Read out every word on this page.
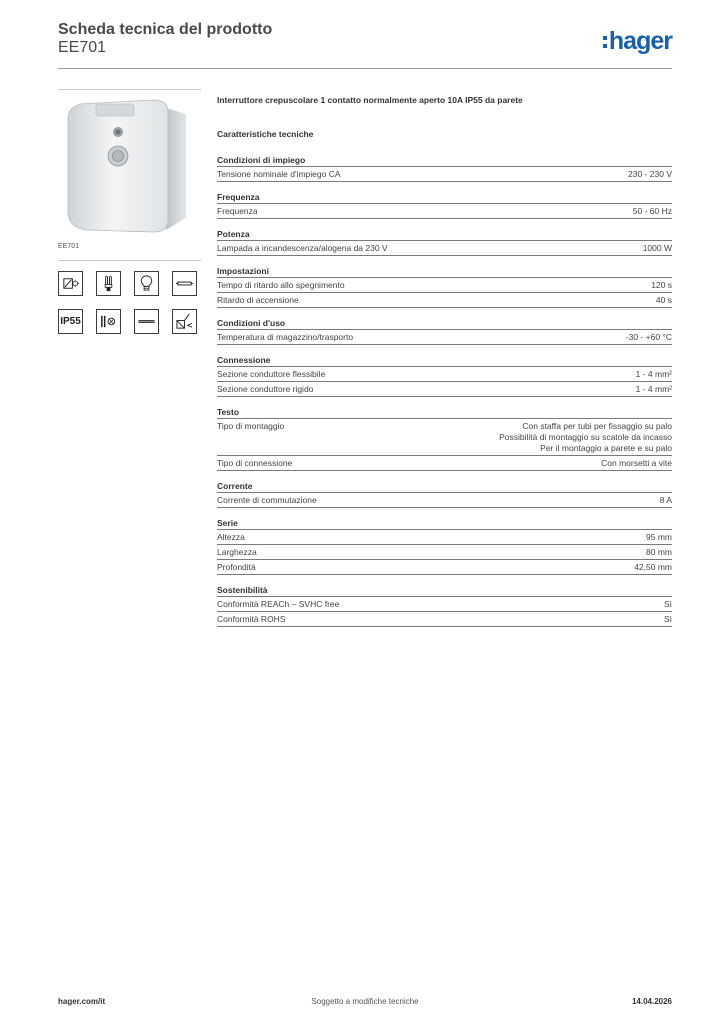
Scheda tecnica del prodotto
EE701	hager
EE701
IP55
Interruttore crepuscolare 1 contatto normalmente aperto 10A IP55 da parete
Caratteristiche tecniche
Condizioni di impiego
Tensione nominale d'impiego CA	230 - 230 V
Frequenza
Frequenza	50 - 60 Hz
Potenza
Lampada a incandescenza/alogena da 230 V	1000 W
Impostazioni
Tempo di ritardo allo spegnimento	120 s
Ritardo di accensione	40 s
Condizioni d'uso
Temperatura di magazzino/trasporto	-30 - +60 °C
Connessione
Sezione conduttore flessibile	1 - 4 mm²
Sezione conduttore rigido	1 - 4 mm²
Testo
Tipo di montaggio	Con staffa per tubi per fissaggio su palo
Possibilità di montaggio su scatole da incasso
Per il montaggio a parete e su palo
Tipo di connessione	Con morsetti a vite
Corrente
Corrente di commutazione	8 A
Serie
Altezza	95 mm
Larghezza	80 mm
Profondità	42,50 mm
Sostenibilità
Conformità REACh – SVHC free	Sì
Conformità ROHS	Sì
Soggetto a modifiche tecniche
hager.com/it	14.04.2026
